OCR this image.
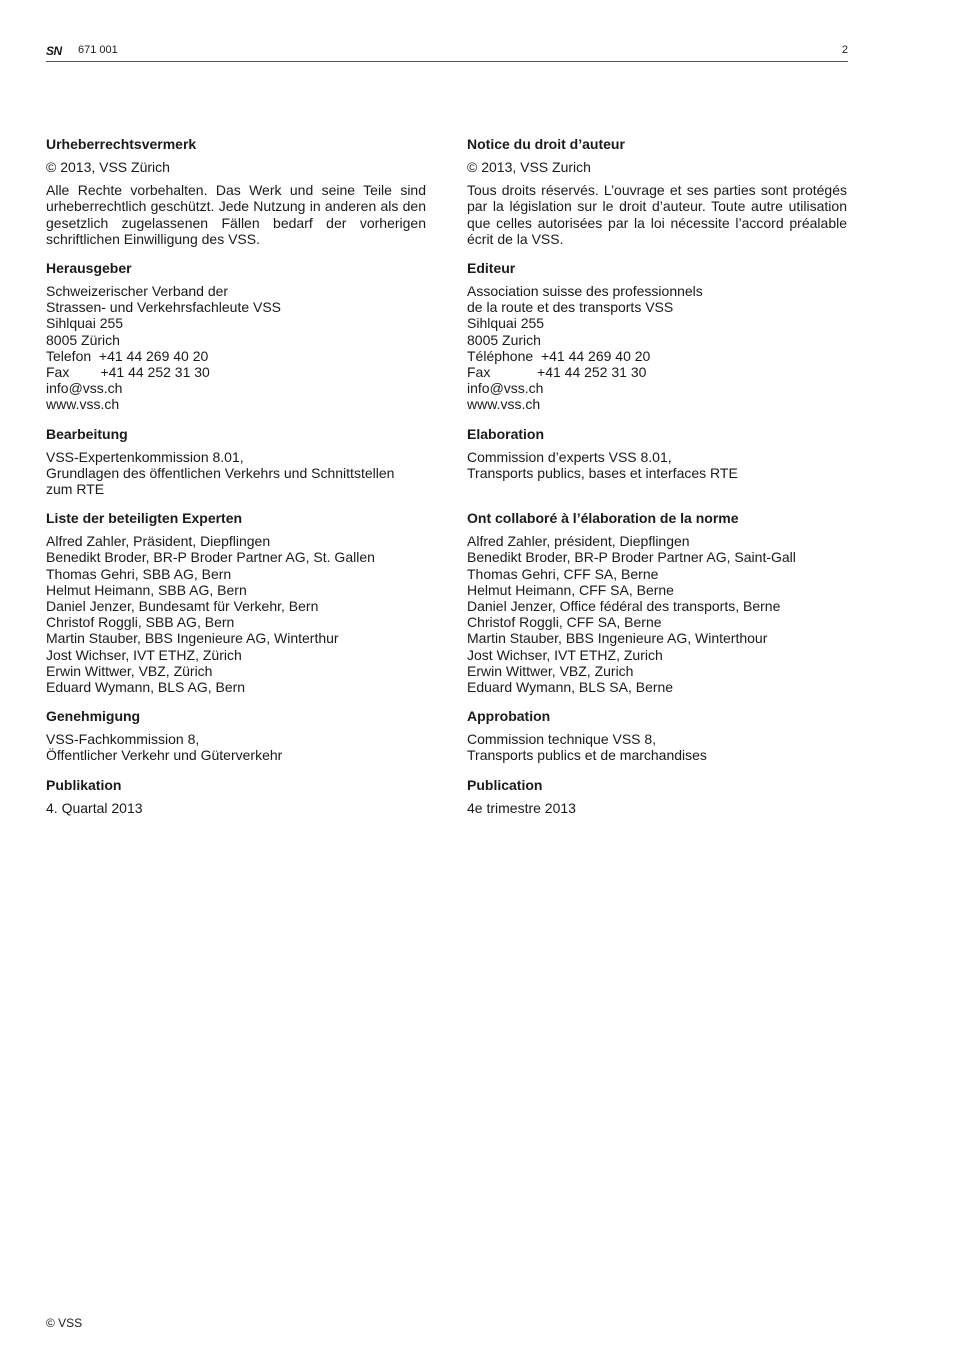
SN 671 001	2
Urheberrechtsvermerk
© 2013, VSS Zürich
Alle Rechte vorbehalten. Das Werk und seine Teile sind urheberrechtlich geschützt. Jede Nutzung in anderen als den gesetzlich zugelassenen Fällen bedarf der vorherigen schriftlichen Einwilligung des VSS.
Herausgeber
Schweizerischer Verband der
Strassen- und Verkehrsfachleute VSS
Sihlquai 255
8005 Zürich
Telefon  +41 44 269 40 20
Fax        +41 44 252 31 30
info@vss.ch
www.vss.ch
Bearbeitung
VSS-Expertenkommission 8.01,
Grundlagen des öffentlichen Verkehrs und Schnittstellen
zum RTE
Liste der beteiligten Experten
Alfred Zahler, Präsident, Diepflingen
Benedikt Broder, BR-P Broder Partner AG, St. Gallen
Thomas Gehri, SBB AG, Bern
Helmut Heimann, SBB AG, Bern
Daniel Jenzer, Bundesamt für Verkehr, Bern
Christof Roggli, SBB AG, Bern
Martin Stauber, BBS Ingenieure AG, Winterthur
Jost Wichser, IVT ETHZ, Zürich
Erwin Wittwer, VBZ, Zürich
Eduard Wymann, BLS AG, Bern
Genehmigung
VSS-Fachkommission 8,
Öffentlicher Verkehr und Güterverkehr
Publikation
4. Quartal 2013
Notice du droit d’auteur
© 2013, VSS Zurich
Tous droits réservés. L’ouvrage et ses parties sont protégés par la législation sur le droit d’auteur. Toute autre utilisation que celles autorisées par la loi nécessite l’accord préalable écrit de la VSS.
Editeur
Association suisse des professionnels
de la route et des transports VSS
Sihlquai 255
8005 Zurich
Téléphone  +41 44 269 40 20
Fax            +41 44 252 31 30
info@vss.ch
www.vss.ch
Elaboration
Commission d’experts VSS 8.01,
Transports publics, bases et interfaces RTE
Ont collaboré à l’élaboration de la norme
Alfred Zahler, président, Diepflingen
Benedikt Broder, BR-P Broder Partner AG, Saint-Gall
Thomas Gehri, CFF SA, Berne
Helmut Heimann, CFF SA, Berne
Daniel Jenzer, Office fédéral des transports, Berne
Christof Roggli, CFF SA, Berne
Martin Stauber, BBS Ingenieure AG, Winterthour
Jost Wichser, IVT ETHZ, Zurich
Erwin Wittwer, VBZ, Zurich
Eduard Wymann, BLS SA, Berne
Approbation
Commission technique VSS 8,
Transports publics et de marchandises
Publication
4e trimestre 2013
© VSS
